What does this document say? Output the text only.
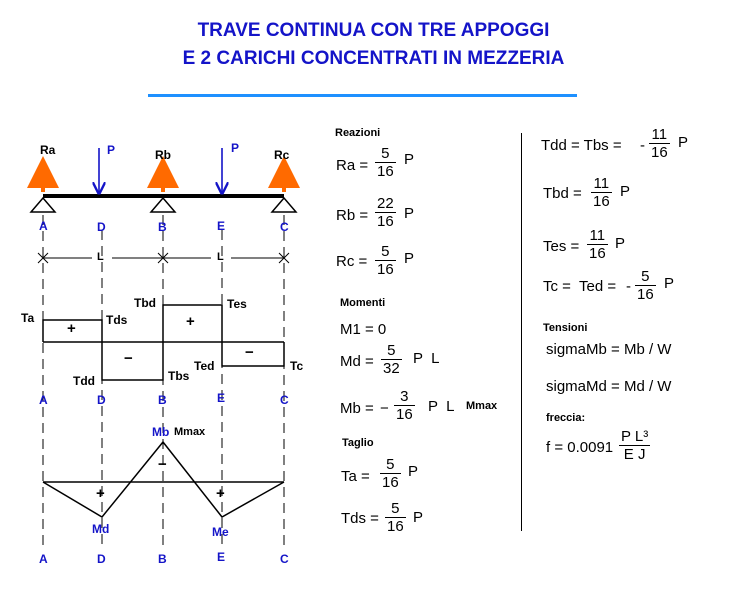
TRAVE CONTINUA CON TRE APPOGGI
E 2 CARICHI CONCENTRATI IN MEZZERIA
Ra	Rb	Rc
P	P
A	D	B	E	C
L	L
Ta	Tds
Tbd	Tes
Tdd	Tbs
Ted	Tc
+	+
−	−
A	D	B	E	C
Mb Mmax
−
+	+
Md	Me
A	D	B	E	C
Reazioni
$Ra = \frac{5}{16}$ P
$Rb = \frac{22}{16}$ P
$Rc = \frac{5}{16}$ P
Momenti
M1 = 0
$Md = \frac{5}{32}$ P  L
Mb = − $\frac{3}{16}$ P  L Mmax
Taglio
$Ta = \frac{5}{16}$ P
Tds = $\frac{5}{16}$ P
Tdd = Tbs = - $\frac{11}{16}$ P
Tbd = $\frac{11}{16}$ P
Tes = $\frac{11}{16}$ P
Tc =  Ted = - $\frac{5}{16}$ P
Tensioni
sigmaMb = Mb / W
sigmaMd = Md / W
freccia:
$f = 0.0091 \frac{\text{P L³}}{\text{E J}}$
